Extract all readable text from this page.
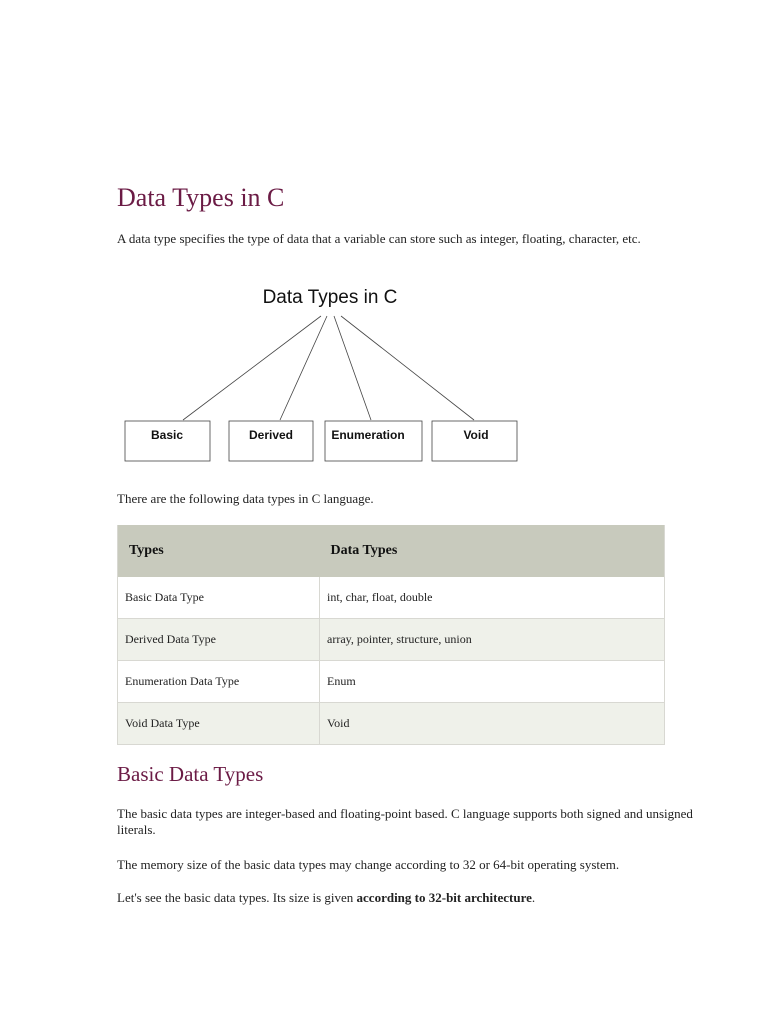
Data Types in C

A data type specifies the type of data that a variable can store such as integer, floating, character, etc.

Data Types in C
Basic	Derived	Enumeration	Void

There are the following data types in C language.

Types	Data Types
Basic Data Type	int, char, float, double
Derived Data Type	array, pointer, structure, union
Enumeration Data Type	Enum
Void Data Type	Void
Basic Data Types

The basic data types are integer-based and floating-point based. C language supports both signed and unsigned literals.

The memory size of the basic data types may change according to 32 or 64-bit operating system.

Let's see the basic data types. Its size is given according to 32-bit architecture.
